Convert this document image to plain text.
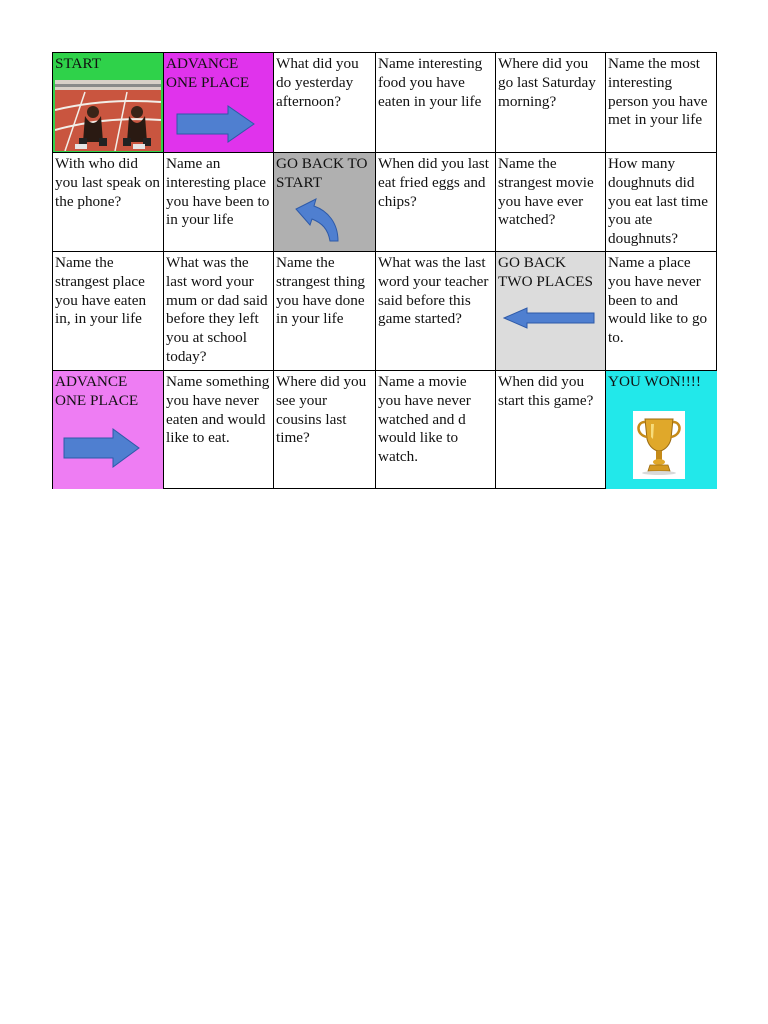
START	ADVANCE ONE PLACE
What did you do yesterday afternoon?
Name interesting food you have eaten in your life
Where did you go last Saturday morning?
Name the most interesting person you have met in your life
With who did you last speak on the phone?
Name an interesting place you have been to in your life
GO BACK TO START
When did you last eat fried eggs and chips?
Name the strangest movie you have ever watched?
How many doughnuts did you eat last time you ate doughnuts?
Name the strangest place you have eaten in, in your life
What was the last word your mum or dad said before they left you at school today?
Name the strangest thing you have done in your life
What was the last word your teacher said before this game started?
GO BACK TWO PLACES
Name a place you have never been to and would like to go to.
ADVANCE ONE PLACE
Name something you have never eaten and would like to eat.
Where did you see your cousins last time?
Name a movie you have never watched and d would like to watch.
When did you start this game?
YOU WON!!!!
